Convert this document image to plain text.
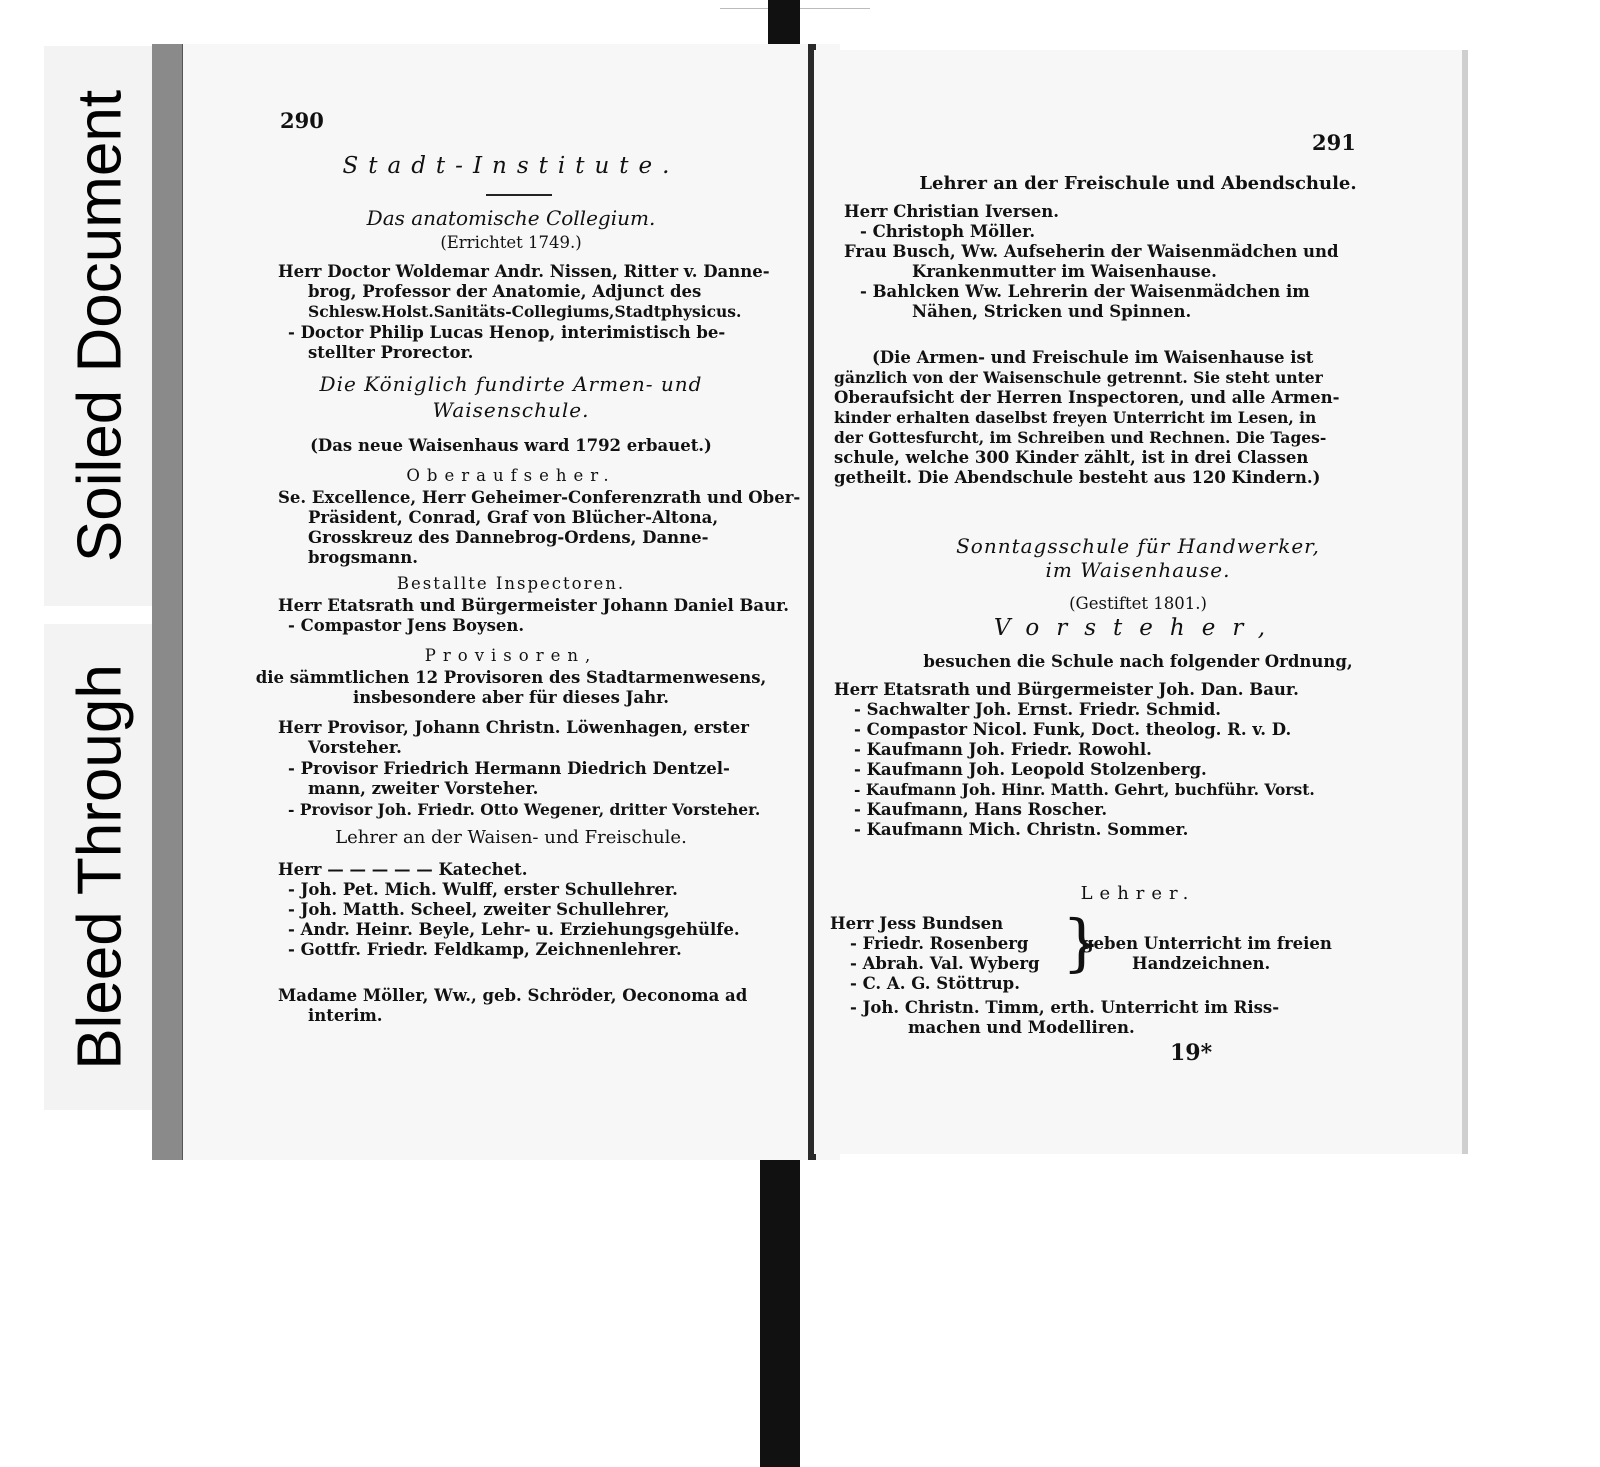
Soiled Document
Bleed Through
290
Stadt-Institute.
Das anatomische Collegium.
(Errichtet 1749.)
Herr Doctor Woldemar Andr. Nissen, Ritter v. Danne-
brog, Professor der Anatomie, Adjunct des
Schlesw.Holst.Sanitäts-Collegiums,Stadtphysicus.
- Doctor Philip Lucas Henop, interimistisch be-
stellter Prorector.
Die Königlich fundirte Armen- und
Waisenschule.
(Das neue Waisenhaus ward 1792 erbauet.)
Oberaufseher.
Se. Excellence, Herr Geheimer-Conferenzrath und Ober-
Präsident, Conrad, Graf von Blücher-Altona,
Grosskreuz des Dannebrog-Ordens, Danne-
brogsmann.
Bestallte Inspectoren.
Herr Etatsrath und Bürgermeister Johann Daniel Baur.
- Compastor Jens Boysen.
Provisoren,
die sämmtlichen 12 Provisoren des Stadtarmenwesens,
insbesondere aber für dieses Jahr.
Herr Provisor, Johann Christn. Löwenhagen, erster
Vorsteher.
- Provisor Friedrich Hermann Diedrich Dentzel-
mann, zweiter Vorsteher.
- Provisor Joh. Friedr. Otto Wegener, dritter Vorsteher.
Lehrer an der Waisen- und Freischule.
Herr — — — — — Katechet.
- Joh. Pet. Mich. Wulff, erster Schullehrer.
- Joh. Matth. Scheel, zweiter Schullehrer,
- Andr. Heinr. Beyle, Lehr- u. Erziehungsgehülfe.
- Gottfr. Friedr. Feldkamp, Zeichnenlehrer.
Madame Möller, Ww., geb. Schröder, Oeconoma ad
interim.
291
Lehrer an der Freischule und Abendschule.
Herr Christian Iversen.
- Christoph Möller.
Frau Busch, Ww. Aufseherin der Waisenmädchen und
Krankenmutter im Waisenhause.
- Bahlcken Ww. Lehrerin der Waisenmädchen im
Nähen, Stricken und Spinnen.
(Die Armen- und Freischule im Waisenhause ist
gänzlich von der Waisenschule getrennt. Sie steht unter
Oberaufsicht der Herren Inspectoren, und alle Armen-
kinder erhalten daselbst freyen Unterricht im Lesen, in
der Gottesfurcht, im Schreiben und Rechnen. Die Tages-
schule, welche 300 Kinder zählt, ist in drei Classen
getheilt. Die Abendschule besteht aus 120 Kindern.)
Sonntagsschule für Handwerker,
im Waisenhause.
(Gestiftet 1801.)
Vorsteher,
besuchen die Schule nach folgender Ordnung,
Herr Etatsrath und Bürgermeister Joh. Dan. Baur.
- Sachwalter Joh. Ernst. Friedr. Schmid.
- Compastor Nicol. Funk, Doct. theolog. R. v. D.
- Kaufmann Joh. Friedr. Rowohl.
- Kaufmann Joh. Leopold Stolzenberg.
- Kaufmann Joh. Hinr. Matth. Gehrt, buchführ. Vorst.
- Kaufmann, Hans Roscher.
- Kaufmann Mich. Christn. Sommer.
Lehrer.
Herr Jess Bundsen
- Friedr. Rosenberg
- Abrah. Val. Wyberg
- C. A. G. Stöttrup.
}
geben Unterricht im freien
Handzeichnen.
- Joh. Christn. Timm, erth. Unterricht im Riss-
machen und Modelliren.
19*
